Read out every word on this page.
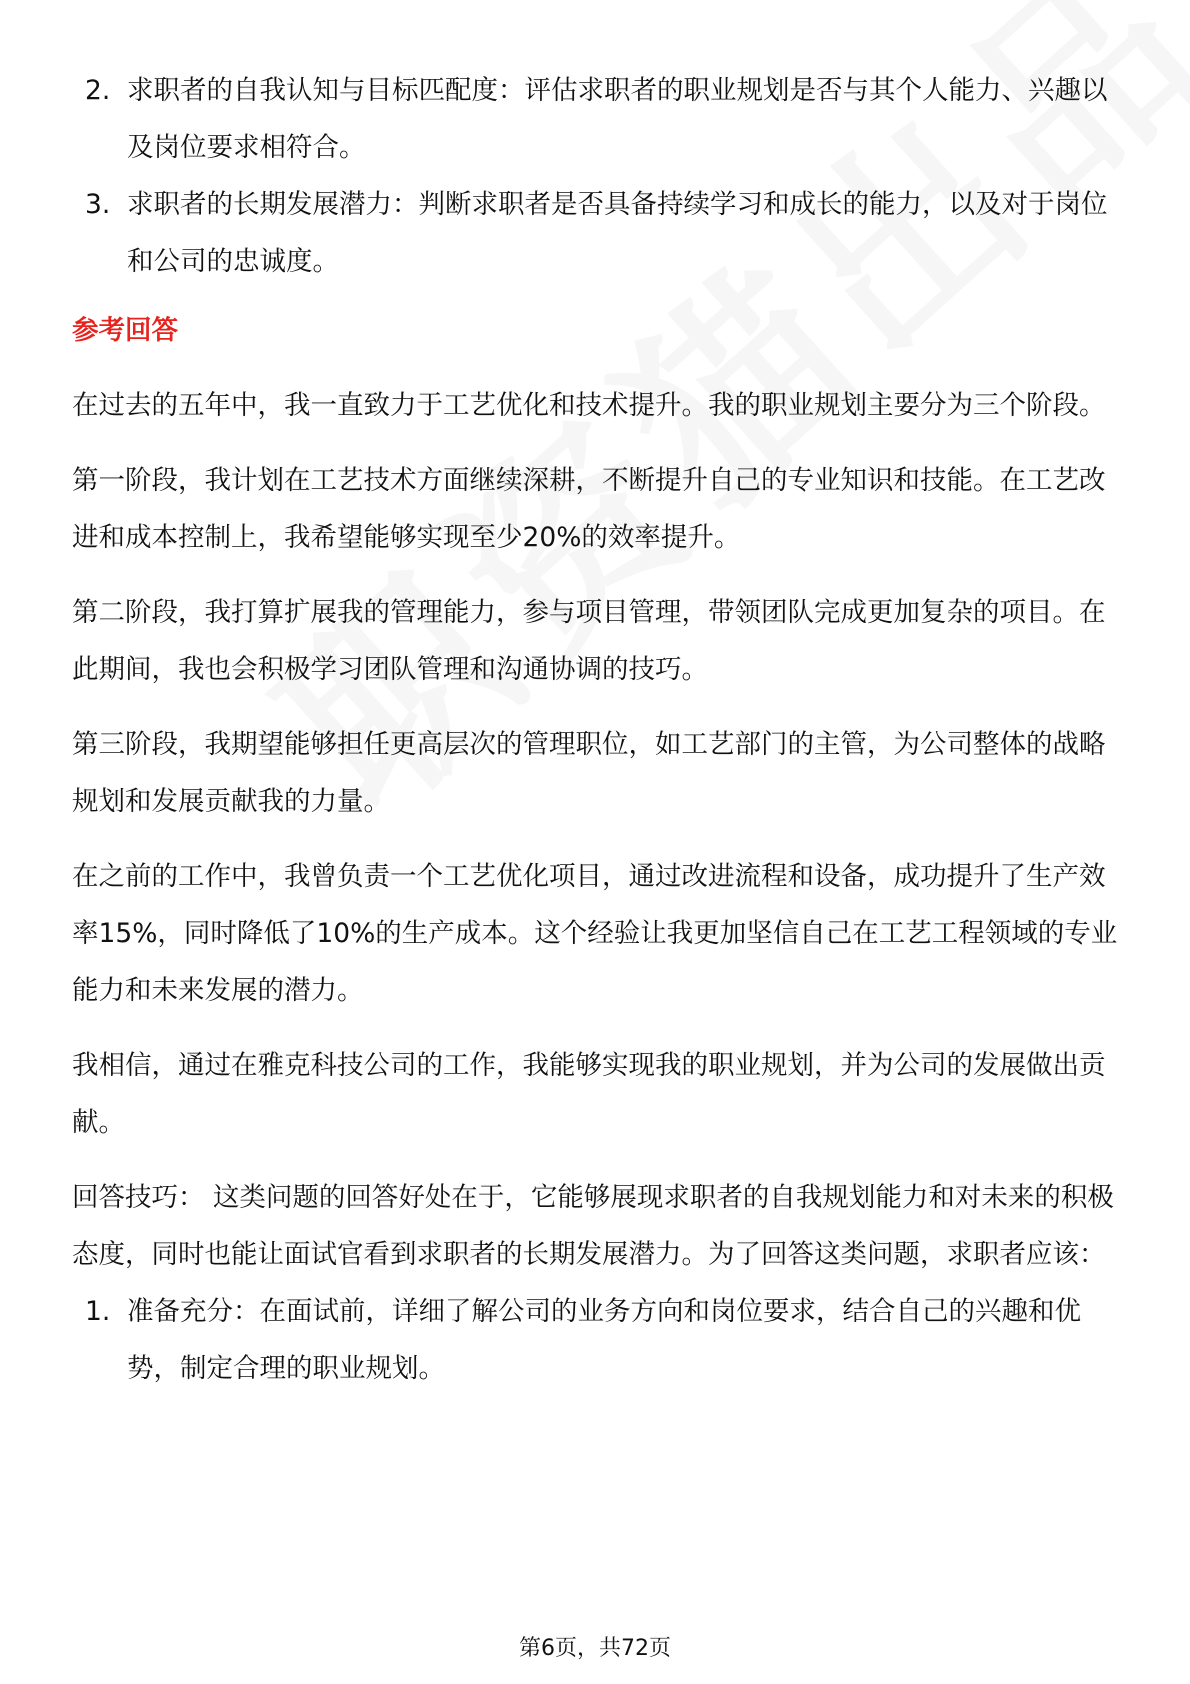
2. 求职者的自我认知与目标匹配度：评估求职者的职业规划是否与其个人能力、兴趣以及岗位要求相符合。
3. 求职者的长期发展潜力：判断求职者是否具备持续学习和成长的能力，以及对于岗位和公司的忠诚度。
参考回答

在过去的五年中，我一直致力于工艺优化和技术提升。我的职业规划主要分为三个阶段。

第一阶段，我计划在工艺技术方面继续深耕，不断提升自己的专业知识和技能。在工艺改进和成本控制上，我希望能够实现至少20%的效率提升。

第二阶段，我打算扩展我的管理能力，参与项目管理，带领团队完成更加复杂的项目。在此期间，我也会积极学习团队管理和沟通协调的技巧。

第三阶段，我期望能够担任更高层次的管理职位，如工艺部门的主管，为公司整体的战略规划和发展贡献我的力量。

在之前的工作中，我曾负责一个工艺优化项目，通过改进流程和设备，成功提升了生产效率15%，同时降低了10%的生产成本。这个经验让我更加坚信自己在工艺工程领域的专业能力和未来发展的潜力。

我相信，通过在雅克科技公司的工作，我能够实现我的职业规划，并为公司的发展做出贡献。

回答技巧： 这类问题的回答好处在于，它能够展现求职者的自我规划能力和对未来的积极态度，同时也能让面试官看到求职者的长期发展潜力。为了回答这类问题，求职者应该：

1. 准备充分：在面试前，详细了解公司的业务方向和岗位要求，结合自己的兴趣和优势，制定合理的职业规划。
第6页，共72页
